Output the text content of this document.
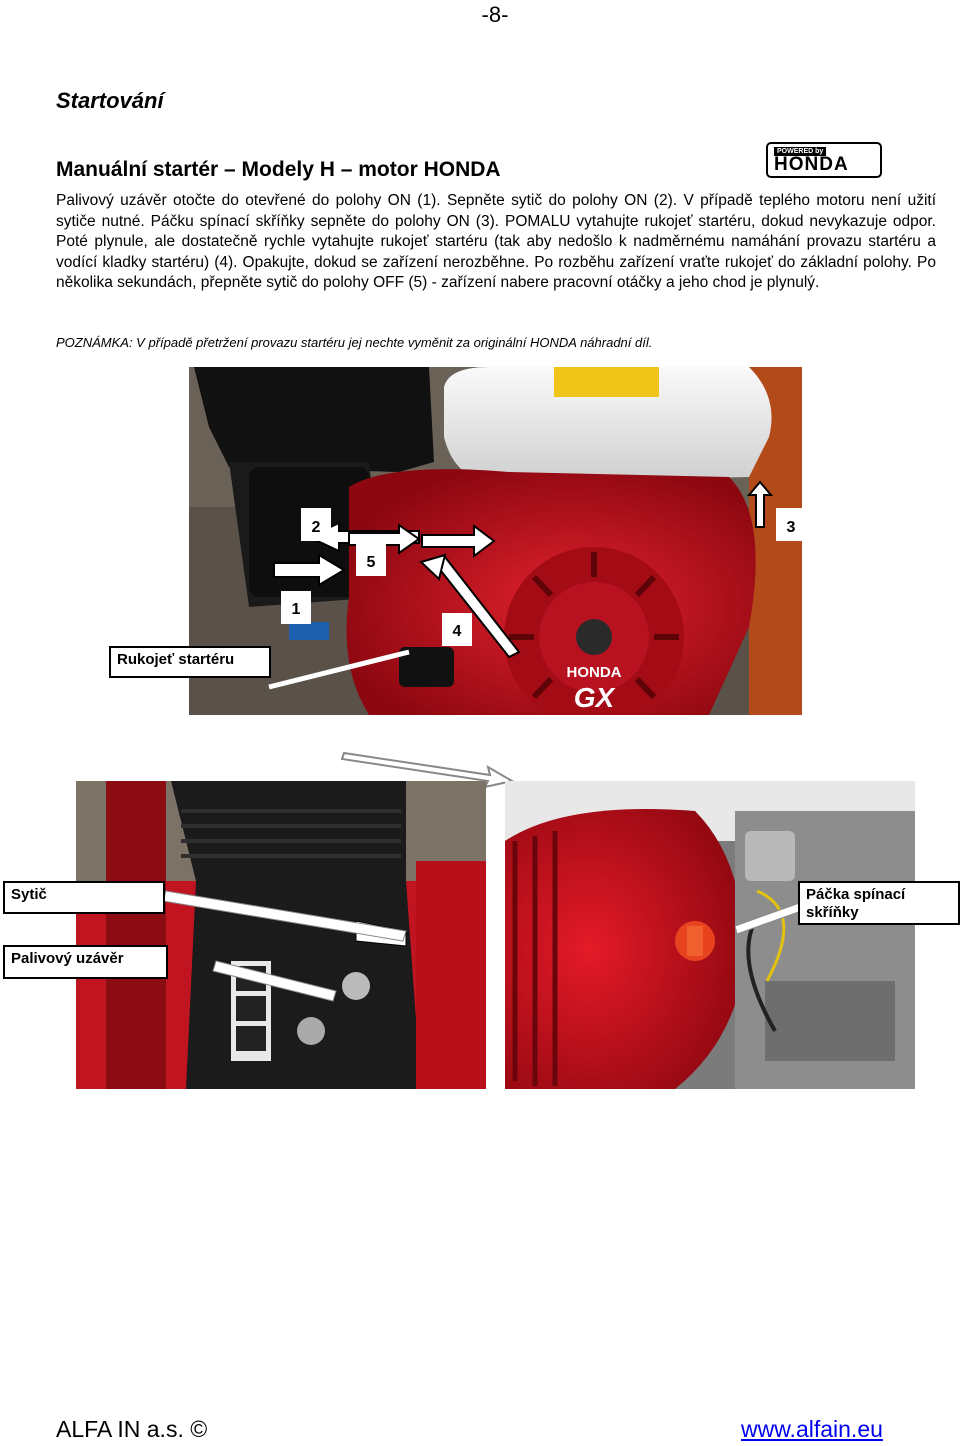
-8-
Startování
Manuální startér – Modely H – motor HONDA
POWERED by
HONDA
Palivový uzávěr otočte do otevřené do polohy ON (1). Sepněte sytič do polohy ON (2). V případě teplého motoru není užití sytiče nutné. Páčku spínací skříňky sepněte do polohy ON (3). POMALU vytahujte rukojeť startéru, dokud nevykazuje odpor. Poté plynule, ale dostatečně rychle vytahujte rukojeť startéru (tak aby nedošlo k nadměrnému namáhání provazu startéru a vodící kladky startéru) (4). Opakujte, dokud se zařízení nerozběhne. Po rozběhu zařízení vraťte rukojeť do základní polohy. Po několika sekundách, přepněte sytič do polohy OFF (5) - zařízení nabere pracovní otáčky a jeho chod je plynulý.
POZNÁMKA: V případě přetržení provazu startéru jej nechte vyměnit za originální HONDA náhradní díl.
HONDA
GX
2
5
1
4
3
Rukojeť startéru
Sytič
Palivový uzávěr
Páčka spínací skříňky
ALFA IN a.s. ©	www.alfain.eu
